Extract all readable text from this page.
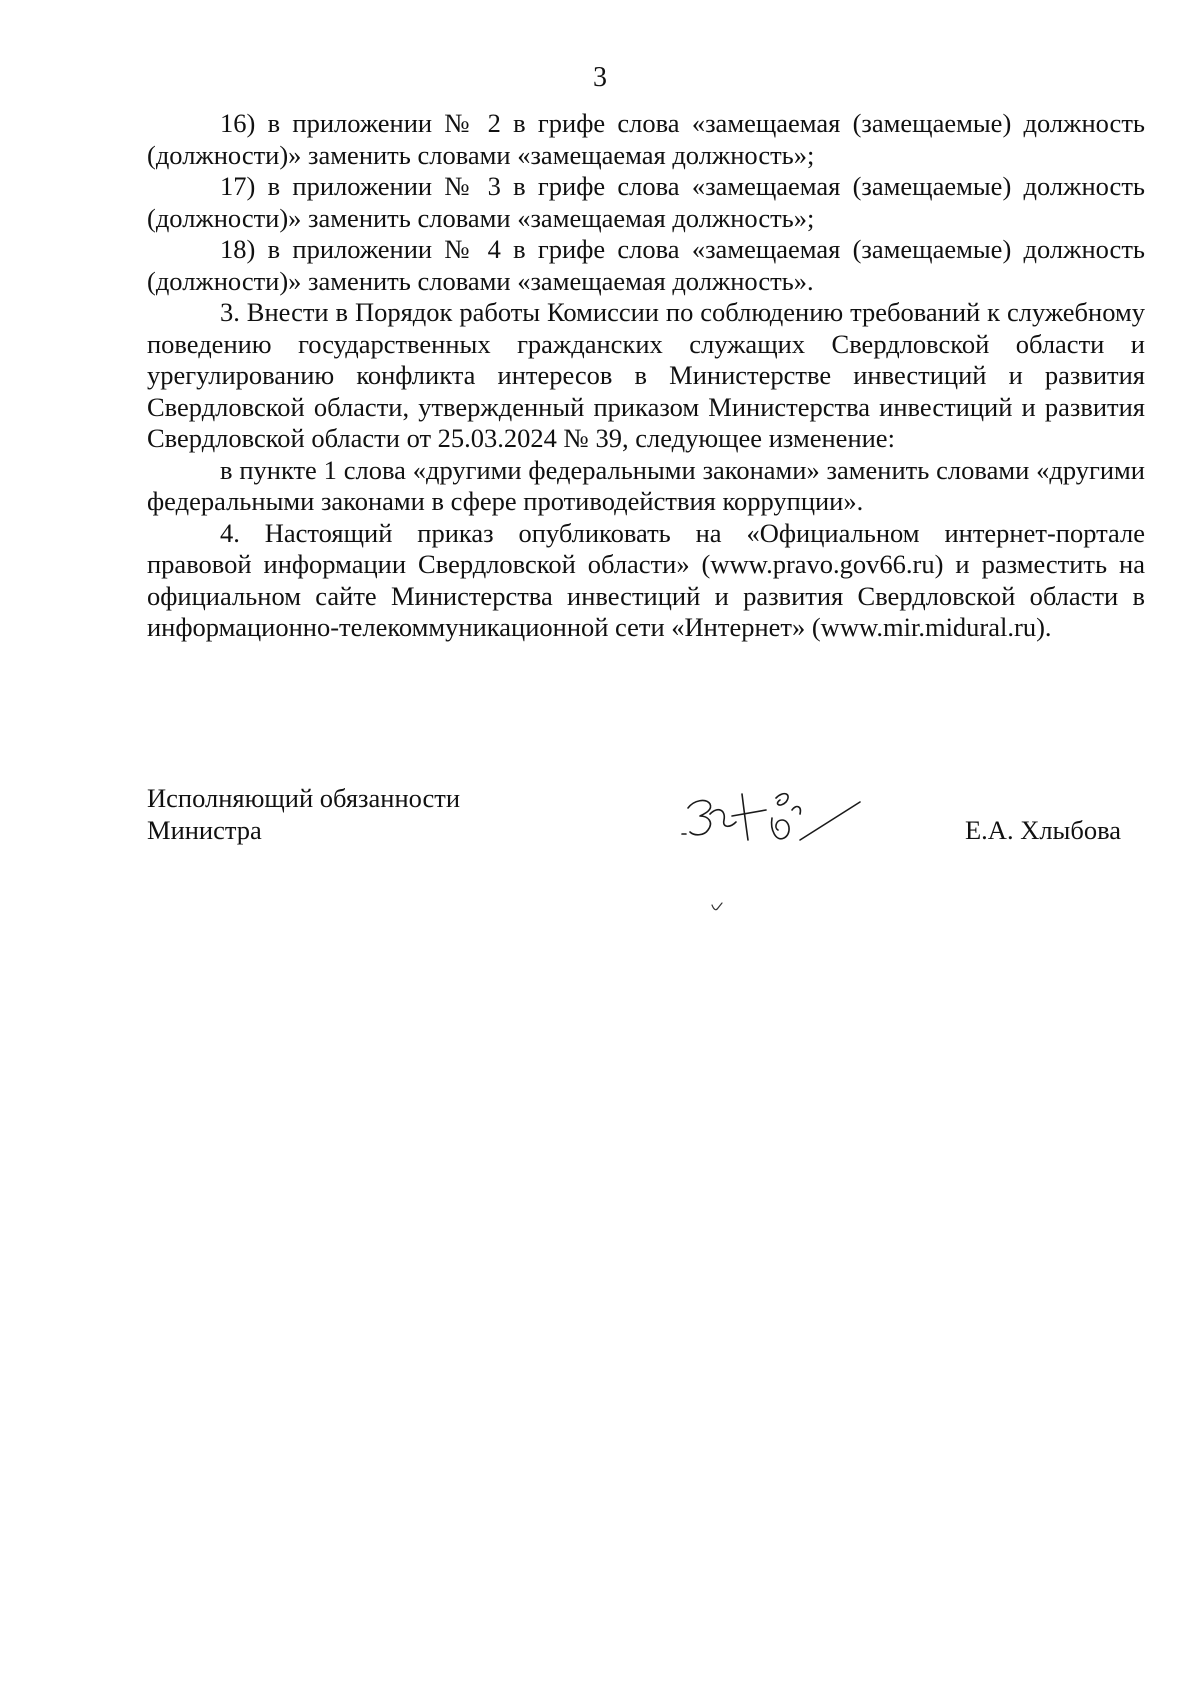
3

16) в приложении № 2 в грифе слова «замещаемая (замещаемые) должность (должности)» заменить словами «замещаемая должность»;

17) в приложении № 3 в грифе слова «замещаемая (замещаемые) должность (должности)» заменить словами «замещаемая должность»;

18) в приложении № 4 в грифе слова «замещаемая (замещаемые) должность (должности)» заменить словами «замещаемая должность».

3. Внести в Порядок работы Комиссии по соблюдению требований к служебному поведению государственных гражданских служащих Свердловской области и урегулированию конфликта интересов в Министерстве инвестиций и развития Свердловской области, утвержденный приказом Министерства инвестиций и развития Свердловской области от 25.03.2024 № 39, следующее изменение:

в пункте 1 слова «другими федеральными законами» заменить словами «другими федеральными законами в сфере противодействия коррупции».

4. Настоящий приказ опубликовать на «Официальном интернет-портале правовой информации Свердловской области» (www.pravo.gov66.ru) и разместить на официальном сайте Министерства инвестиций и развития Свердловской области в информационно-телекоммуникационной сети «Интернет» (www.mir.midural.ru).

Исполняющий обязанности
Министра	Е.А. Хлыбова
